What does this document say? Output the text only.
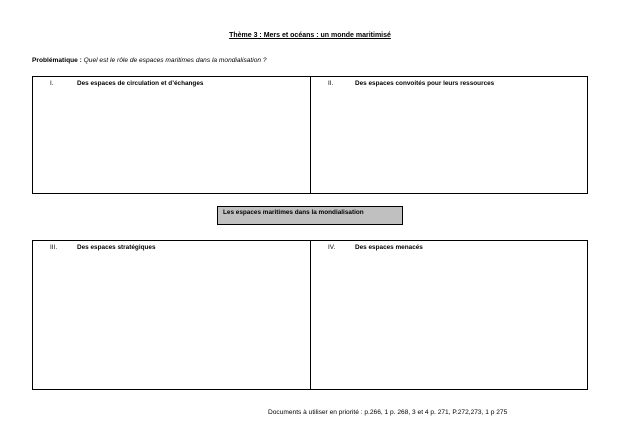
Thème 3 : Mers et océans : un monde maritimisé
Problématique : Quel est le rôle de espaces maritimes dans la mondialisation ?
I.	Des espaces de circulation et d’échanges	II.	Des espaces convoités pour leurs ressources
Les espaces maritimes dans la mondialisation
III.	Des espaces stratégiques	IV.	Des espaces menacés
Documents à utiliser en priorité : p.266, 1 p. 268, 3 et 4 p. 271, P.272,273, 1 p 275
